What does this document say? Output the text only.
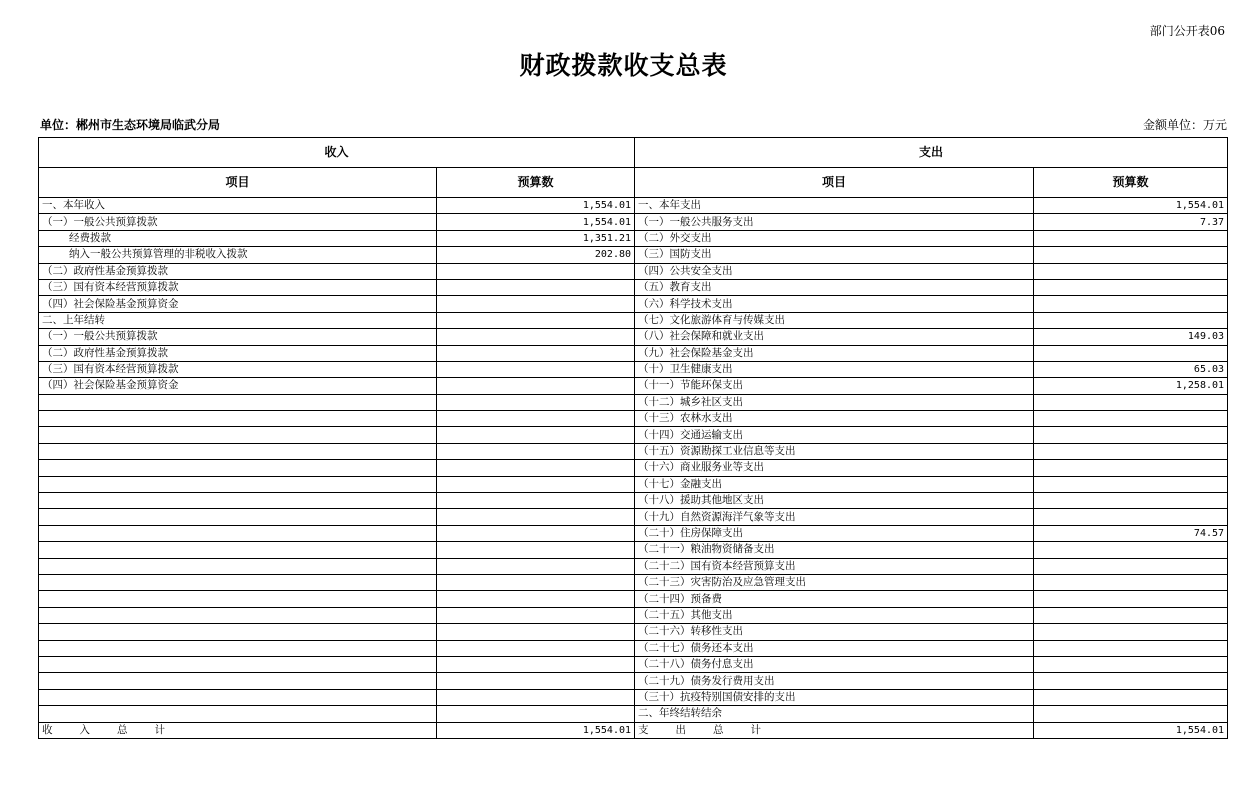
部门公开表06
财政拨款收支总表
单位：郴州市生态环境局临武分局	金额单位：万元
收入		支出	
项目	预算数	项目	预算数
一、本年收入	1,554.01	一、本年支出	1,554.01
（一）一般公共预算拨款	1,554.01	（一）一般公共服务支出	7.37
经费拨款	1,351.21	（二）外交支出	
纳入一般公共预算管理的非税收入拨款	202.80	（三）国防支出	
（二）政府性基金预算拨款		（四）公共安全支出	
（三）国有资本经营预算拨款		（五）教育支出	
（四）社会保险基金预算资金		（六）科学技术支出	
二、上年结转		（七）文化旅游体育与传媒支出	
（一）一般公共预算拨款		（八）社会保障和就业支出	149.03
（二）政府性基金预算拨款		（九）社会保险基金支出	
（三）国有资本经营预算拨款		（十）卫生健康支出	65.03
（四）社会保险基金预算资金		（十一）节能环保支出	1,258.01
		（十二）城乡社区支出	
		（十三）农林水支出	
		（十四）交通运输支出	
		（十五）资源勘探工业信息等支出	
		（十六）商业服务业等支出	
		（十七）金融支出	
		（十八）援助其他地区支出	
		（十九）自然资源海洋气象等支出	
		（二十）住房保障支出	74.57
		（二十一）粮油物资储备支出	
		（二十二）国有资本经营预算支出	
		（二十三）灾害防治及应急管理支出	
		（二十四）预备费	
		（二十五）其他支出	
		（二十六）转移性支出	
		（二十七）债务还本支出	
		（二十八）债务付息支出	
		（二十九）债务发行费用支出	
		（三十）抗疫特别国债安排的支出	
		二、年终结转结余	
收　　入　　总　　计	1,554.01	支　　出　　总　　计	1,554.01
